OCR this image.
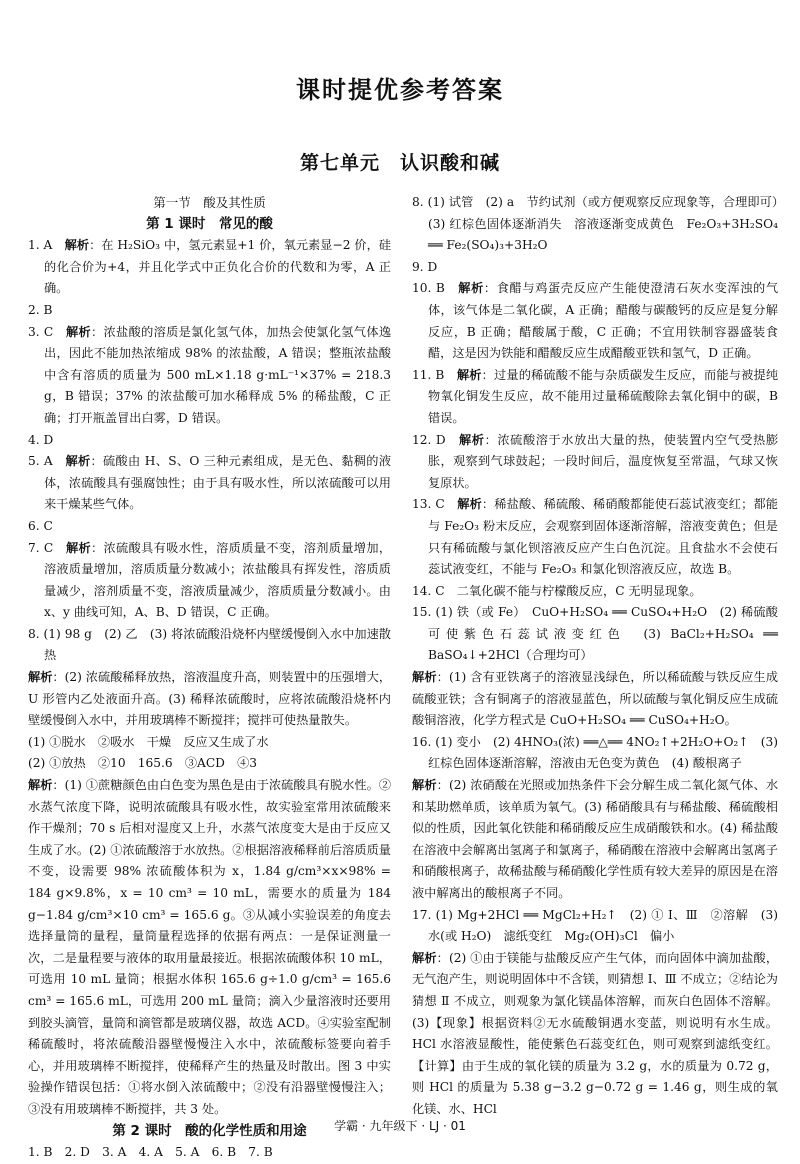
课时提优参考答案
第七单元　认识酸和碱
第一节　酸及其性质
第 1 课时　常见的酸
1. A　解析：在 H₂SiO₃ 中，氢元素显+1 价，氧元素显−2 价，硅的化合价为+4，并且化学式中正负化合价的代数和为零，A 正确。
2. B
3. C　解析：浓盐酸的溶质是氯化氢气体，加热会使氯化氢气体逸出，因此不能加热浓缩成 98% 的浓盐酸，A 错误；整瓶浓盐酸中含有溶质的质量为 500 mL×1.18 g·mL⁻¹×37% = 218.3 g，B 错误；37% 的浓盐酸可加水稀释成 5% 的稀盐酸，C 正确；打开瓶盖冒出白雾，D 错误。
4. D
5. A　解析：硫酸由 H、S、O 三种元素组成，是无色、黏稠的液体，浓硫酸具有强腐蚀性；由于具有吸水性，所以浓硫酸可以用来干燥某些气体。
6. C
7. C　解析：浓硫酸具有吸水性，溶质质量不变，溶剂质量增加，溶液质量增加，溶质质量分数减小；浓盐酸具有挥发性，溶质质量减少，溶剂质量不变，溶液质量减少，溶质质量分数减小。由 x、y 曲线可知，A、B、D 错误，C 正确。
8. (1) 98 g　(2) 乙　(3) 将浓硫酸沿烧杯内壁缓慢倒入水中加速散热
解析：(2) 浓硫酸稀释放热，溶液温度升高，则装置中的压强增大，U 形管内乙处液面升高。(3) 稀释浓硫酸时，应将浓硫酸沿烧杯内壁缓慢倒入水中，并用玻璃棒不断搅拌；搅拌可使热量散失。
(1) ①脱水　②吸水　干燥　反应又生成了水
(2) ①放热　②10　165.6　③ACD　④3
解析：(1) ①蔗糖颜色由白色变为黑色是由于浓硫酸具有脱水性。②水蒸气浓度下降，说明浓硫酸具有吸水性，故实验室常用浓硫酸来作干燥剂；70 s 后相对湿度又上升，水蒸气浓度变大是由于反应又生成了水。(2) ①浓硫酸溶于水放热。②根据溶液稀释前后溶质质量不变，设需要 98% 浓硫酸体积为 x，1.84 g/cm³×x×98% = 184 g×9.8%，x = 10 cm³ = 10 mL，需要水的质量为 184 g−1.84 g/cm³×10 cm³ = 165.6 g。③从减小实验误差的角度去选择量筒的量程，量筒量程选择的依据有两点：一是保证测量一次，二是量程要与液体的取用量最接近。根据浓硫酸体积 10 mL，可选用 10 mL 量筒；根据水体积 165.6 g÷1.0 g/cm³ = 165.6 cm³ = 165.6 mL，可选用 200 mL 量筒；滴入少量溶液时还要用到胶头滴管，量筒和滴管都是玻璃仪器，故选 ACD。④实验室配制稀硫酸时，将浓硫酸沿器壁慢慢注入水中，浓硫酸标签要向着手心，并用玻璃棒不断搅拌，使稀释产生的热量及时散出。图 3 中实验操作错误包括：①将水倒入浓硫酸中；②没有沿器壁慢慢注入；③没有用玻璃棒不断搅拌，共 3 处。
第 2 课时　酸的化学性质和用途
1. B　2. D　3. A　4. A　5. A　6. B　7. B
8. (1) 试管　(2) a　节约试剂（或方便观察反应现象等，合理即可）　(3) 红棕色固体逐渐消失　溶液逐渐变成黄色　Fe₂O₃+3H₂SO₄ ══ Fe₂(SO₄)₃+3H₂O
9. D
10. B　解析：食醋与鸡蛋壳反应产生能使澄清石灰水变浑浊的气体，该气体是二氧化碳，A 正确；醋酸与碳酸钙的反应是复分解反应，B 正确；醋酸属于酸，C 正确；不宜用铁制容器盛装食醋，这是因为铁能和醋酸反应生成醋酸亚铁和氢气，D 正确。
11. B　解析：过量的稀硫酸不能与杂质碳发生反应，而能与被提纯物氧化铜发生反应，故不能用过量稀硫酸除去氧化铜中的碳，B 错误。
12. D　解析：浓硫酸溶于水放出大量的热，使装置内空气受热膨胀，观察到气球鼓起；一段时间后，温度恢复至常温，气球又恢复原状。
13. C　解析：稀盐酸、稀硫酸、稀硝酸都能使石蕊试液变红；都能与 Fe₂O₃ 粉末反应，会观察到固体逐渐溶解，溶液变黄色；但是只有稀硫酸与氯化钡溶液反应产生白色沉淀。且食盐水不会使石蕊试液变红，不能与 Fe₂O₃ 和氯化钡溶液反应，故选 B。
14. C　二氧化碳不能与柠檬酸反应，C 无明显现象。
15. (1) 铁（或 Fe）　CuO+H₂SO₄ ══ CuSO₄+H₂O　(2) 稀硫酸可使紫色石蕊试液变红色　(3) BaCl₂+H₂SO₄ ══ BaSO₄↓+2HCl（合理均可）
解析：(1) 含有亚铁离子的溶液显浅绿色，所以稀硫酸与铁反应生成硫酸亚铁；含有铜离子的溶液显蓝色，所以硫酸与氧化铜反应生成硫酸铜溶液，化学方程式是 CuO+H₂SO₄ ══ CuSO₄+H₂O。
16. (1) 变小　(2) 4HNO₃(浓) ══△══ 4NO₂↑+2H₂O+O₂↑　(3) 红棕色固体逐渐溶解，溶液由无色变为黄色　(4) 酸根离子
解析：(2) 浓硝酸在光照或加热条件下会分解生成二氧化氮气体、水和某助燃单质，该单质为氧气。(3) 稀硝酸具有与稀盐酸、稀硫酸相似的性质，因此氧化铁能和稀硝酸反应生成硝酸铁和水。(4) 稀盐酸在溶液中会解离出氢离子和氯离子，稀硝酸在溶液中会解离出氢离子和硝酸根离子，故稀盐酸与稀硝酸化学性质有较大差异的原因是在溶液中解离出的酸根离子不同。
17. (1) Mg+2HCl ══ MgCl₂+H₂↑　(2) ① Ⅰ、Ⅲ　②溶解　(3) 水(或 H₂O)　滤纸变红　Mg₂(OH)₃Cl　偏小
解析：(2) ①由于镁能与盐酸反应产生气体，而向固体中滴加盐酸，无气泡产生，则说明固体中不含镁，则猜想 Ⅰ、Ⅲ 不成立；②结论为猜想 Ⅱ 不成立，则观象为氯化镁晶体溶解，而灰白色固体不溶解。(3)【现象】根据资料②无水硫酸铜遇水变蓝，则说明有水生成。HCl 水溶液显酸性，能使紫色石蕊变红色，则可观察到滤纸变红。【计算】由于生成的氧化镁的质量为 3.2 g，水的质量为 0.72 g，则 HCl 的质量为 5.38 g−3.2 g−0.72 g = 1.46 g，则生成的氧化镁、水、HCl
学霸 · 九年级下 · LJ · 01
